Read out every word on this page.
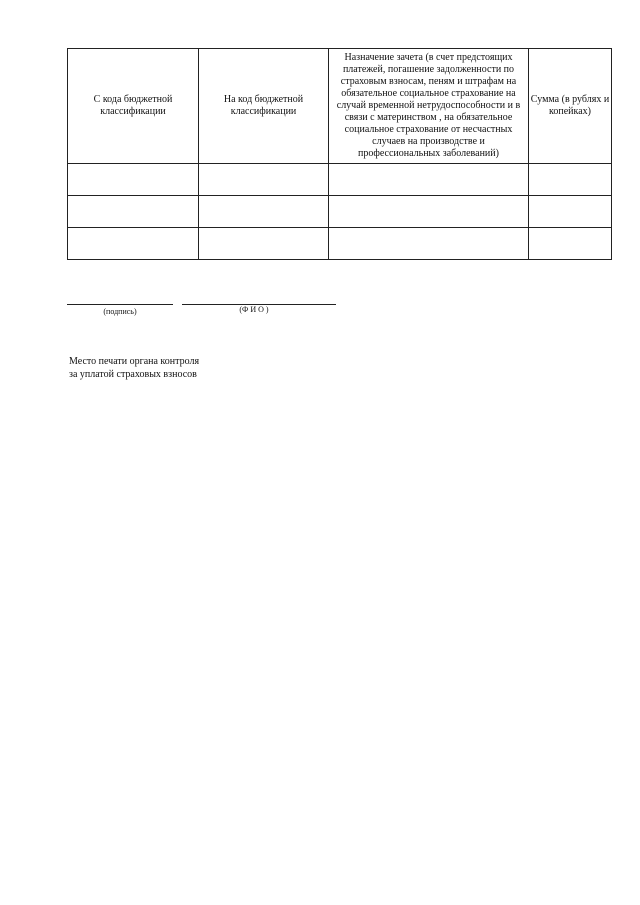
С кода бюджетной классификации	На код бюджетной классификации	Назначение зачета (в счет предстоящих платежей, погашение задолженности по страховым взносам, пеням и штрафам на обязательное социальное страхование на случай временной нетрудоспособности и в связи с материнством , на обязательное социальное страхование от несчастных случаев на производстве и профессиональных заболеваний)	Сумма (в рублях и копейках)

(подпись)	(Ф И О )
Место печати органа контроля
за уплатой страховых взносов
